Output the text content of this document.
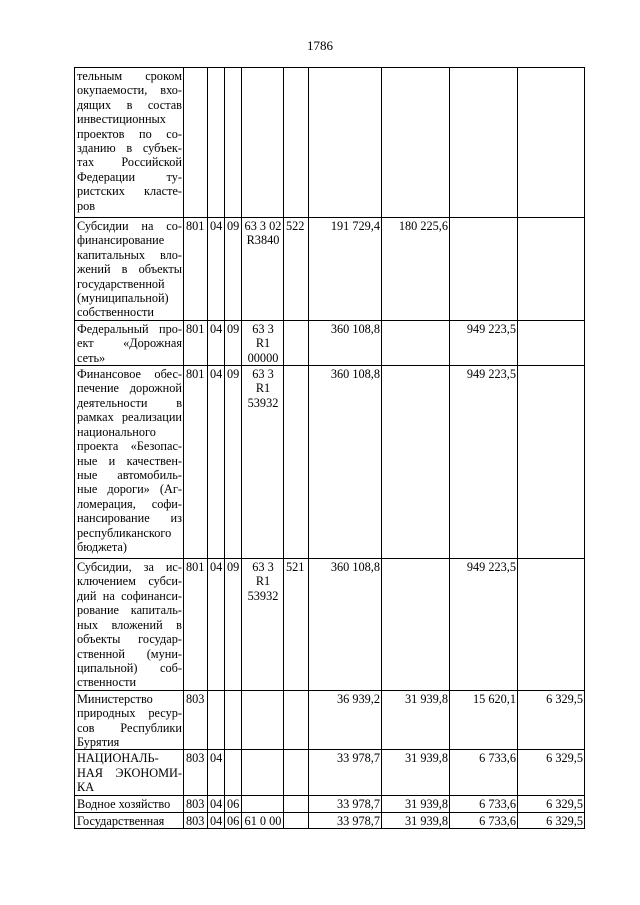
1786
тельным сроком окупаемости, вхо-дящих в состав инвестиционных проектов по со-зданию в субъек-тах Российской Федерации ту-ристских класте-ров									
Субсидии на со-финансирование капитальных вло-жений в объекты государственной (муниципальной) собственности	801	04	09	63 3 02 R3840	522	191 729,4	180 225,6		
Федеральный про-ект «Дорожная сеть»	801	04	09	63 3 R1 00000		360 108,8		949 223,5	
Финансовое обес-печение дорожной деятельности в рамках реализации национального проекта «Безопас-ные и качествен-ные автомобиль-ные дороги» (Аг-ломерация, софи-нансирование из республиканского бюджета)	801	04	09	63 3 R1 53932		360 108,8		949 223,5	
Субсидии, за ис-ключением субси-дий на софинанси-рование капиталь-ных вложений в объекты государ-ственной (муни-ципальной) соб-ственности	801	04	09	63 3 R1 53932	521	360 108,8		949 223,5	
Министерство природных ресур-сов Республики Бурятия	803					36 939,2	31 939,8	15 620,1	6 329,5
НАЦИОНАЛЬ-НАЯ ЭКОНОМИ-КА	803	04				33 978,7	31 939,8	6 733,6	6 329,5
Водное хозяйство	803	04	06			33 978,7	31 939,8	6 733,6	6 329,5
Государственная	803	04	06	61 0 00		33 978,7	31 939,8	6 733,6	6 329,5
